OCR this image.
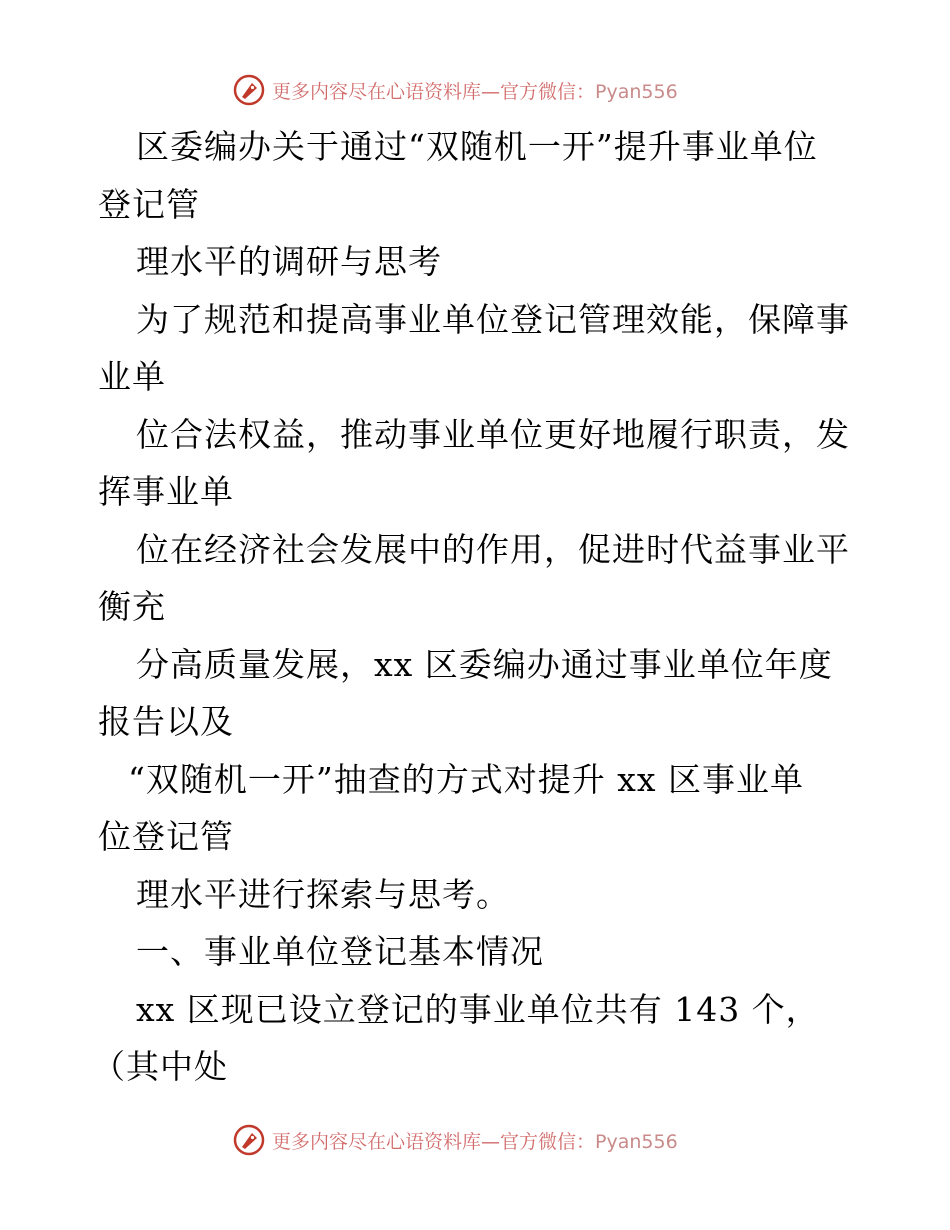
更多内容尽在心语资料库—官方微信：Pyan556
区委编办关于通过“双随机一开”提升事业单位
登记管
理水平的调研与思考
为了规范和提高事业单位登记管理效能，保障事
业单
位合法权益，推动事业单位更好地履行职责，发
挥事业单
位在经济社会发展中的作用，促进时代益事业平
衡充
分高质量发展，xx 区委编办通过事业单位年度
报告以及
“双随机一开”抽查的方式对提升 xx 区事业单
位登记管
理水平进行探索与思考。
一、事业单位登记基本情况
xx 区现已设立登记的事业单位共有 143 个，
（其中处
更多内容尽在心语资料库—官方微信：Pyan556
